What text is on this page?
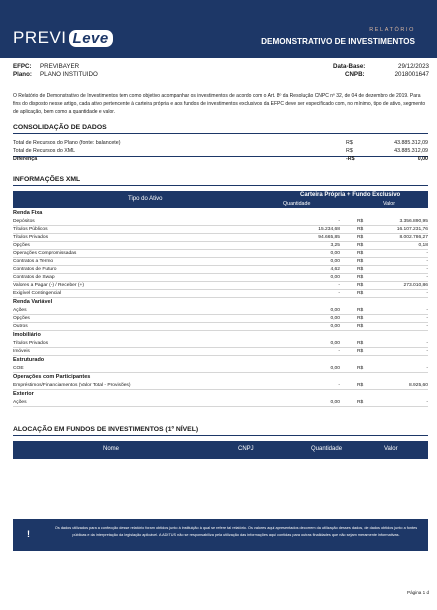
PREVI Leve	RELATÓRIO
DEMONSTRATIVO DE INVESTIMENTOS
EFPC: PREVIBAYER
Plano: PLANO INSTITUIDO
Data-Base:	29/12/2023
CNPB:	2018001647
O Relatório de Demonstrativo de Investimentos tem como objetivo acompanhar os investimentos de acordo com o Art. 8º da Resolução CNPC nº 32, de 04 de dezembro de 2019. Para fins do disposto nesse artigo, cada ativo pertencente à carteira própria e aos fundos de investimentos exclusivos da EFPC deve ser especificado com, no mínimo, tipo de ativo, segmento de aplicação, bem como a quantidade e valor.
CONSOLIDAÇÃO DE DADOS
Total de Recursos do Plano (fonte: balancete)	R$	43.885.312,09
Total de Recursos do XML	R$	43.885.312,09
Diferença	-R$	0,00
INFORMAÇÕES XML
Tipo do Ativo
Carteira Própria + Fundo Exclusivo
Quantidade	Valor
Renda Fixa
Depósitos	-	R$	3.356.890,95
Títulos Públicos	15.234,68	R$	16.107.231,76
Títulos Privados	94.665,85	R$	8.002.786,27
Opções	3,25	R$	0,18
Operações Compromissadas	0,00	R$	-
Contratos a Termo	0,00	R$	-
Contratos de Futuro	4,62	R$	-
Contratos de Swap	0,00	R$	-
Valores a Pagar (-) / Receber (+)	-	R$	273.010,86
Exigível Contingencial	-	R$	-
Renda Variável
Ações	0,00	R$	-
Opções	0,00	R$	-
Outros	0,00	R$	-
Imobiliário
Títulos Privados	0,00	R$	-
Imóveis	-	R$	-
Estruturado
COE	0,00	R$	-
Operações com Participantes
Empréstimos/Financiamentos (Valor Total - Provisões)	-	R$	8.925,60
Exterior
Ações	0,00	R$	-
ALOCAÇÃO EM FUNDOS DE INVESTIMENTOS (1º NÍVEL)
Nome	CNPJ	Quantidade	Valor
!
Os dados utilizados para a confecção desse relatório foram obtidos junto à instituição à qual se refere tal relatório. Os valores aqui apresentados decorrem da utilização desses dados, de dados obtidos junto a fontes públicas e da interpretação da legislação aplicável. A ADITUS não se responsabiliza pela utilização das informações aqui contidas para outras finalidades que não sejam meramente informativas.
Página 1 d
